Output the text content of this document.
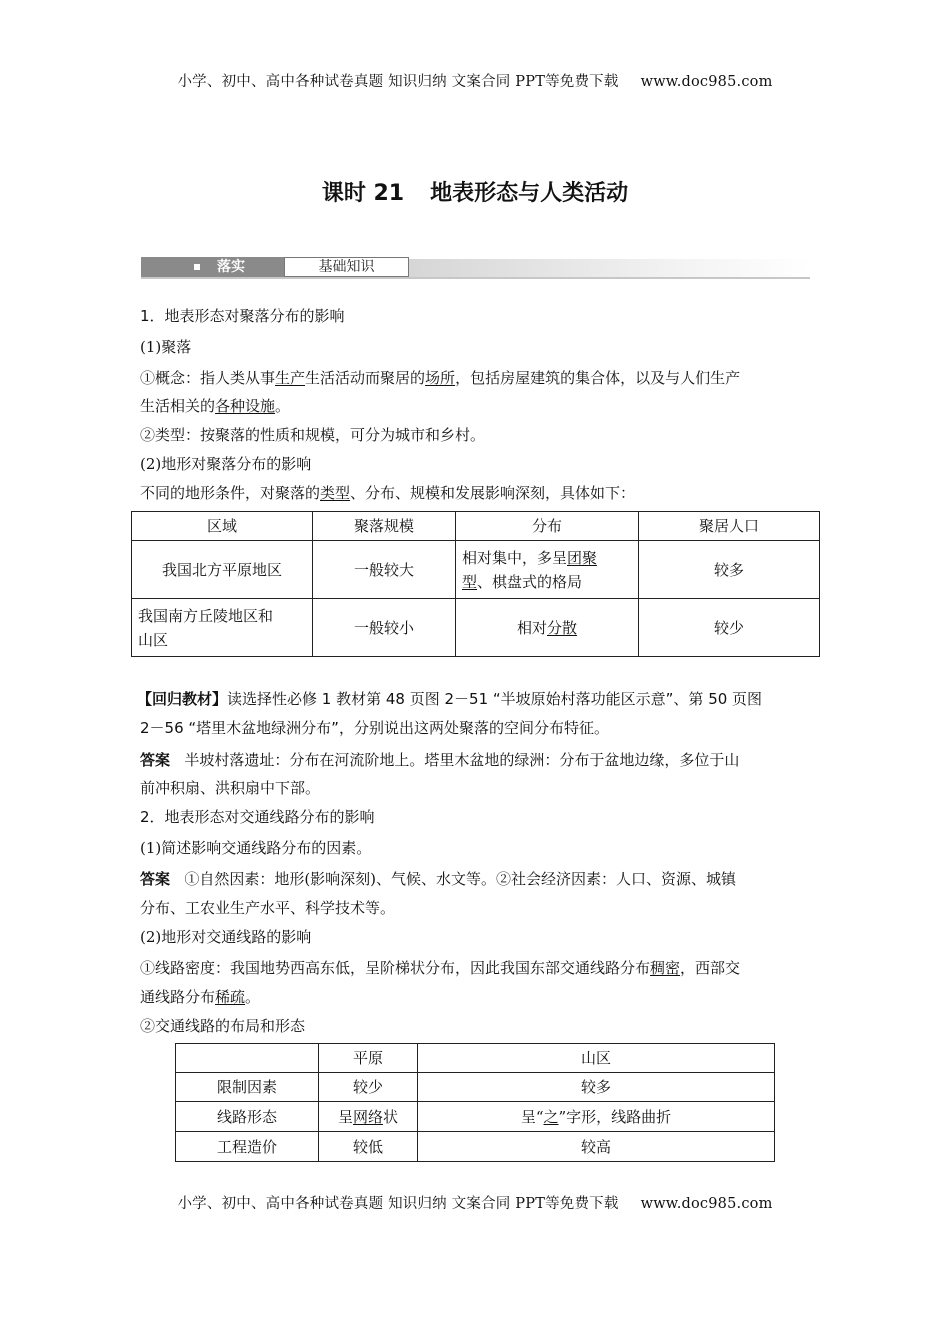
小学、初中、高中各种试卷真题 知识归纳 文案合同 PPT等免费下载 www.doc985.com
课时 21 地表形态与人类活动
落实	基础知识
1．地表形态对聚落分布的影响
(1)聚落
①概念：指人类从事生产生活活动而聚居的场所，包括房屋建筑的集合体，以及与人们生产
生活相关的各种设施。
②类型：按聚落的性质和规模，可分为城市和乡村。
(2)地形对聚落分布的影响
不同的地形条件，对聚落的类型、分布、规模和发展影响深刻，具体如下：
区域	聚落规模	分布	聚居人口
我国北方平原地区	一般较大	相对集中，多呈团聚
型、棋盘式的格局	较多
我国南方丘陵地区和
山区	一般较小	相对分散	较少
【回归教材】读选择性必修 1 教材第 48 页图 2－51 “半坡原始村落功能区示意”、第 50 页图
2－56 “塔里木盆地绿洲分布”，分别说出这两处聚落的空间分布特征。
答案 半坡村落遗址：分布在河流阶地上。塔里木盆地的绿洲：分布于盆地边缘，多位于山
前冲积扇、洪积扇中下部。
2．地表形态对交通线路分布的影响
(1)简述影响交通线路分布的因素。
答案 ①自然因素：地形(影响深刻)、气候、水文等。②社会经济因素：人口、资源、城镇
分布、工农业生产水平、科学技术等。
(2)地形对交通线路的影响
①线路密度：我国地势西高东低，呈阶梯状分布，因此我国东部交通线路分布稠密，西部交
通线路分布稀疏。
②交通线路的布局和形态
	平原	山区
限制因素	较少	较多
线路形态	呈网络状	呈“之”字形，线路曲折
工程造价	较低	较高
小学、初中、高中各种试卷真题 知识归纳 文案合同 PPT等免费下载 www.doc985.com
